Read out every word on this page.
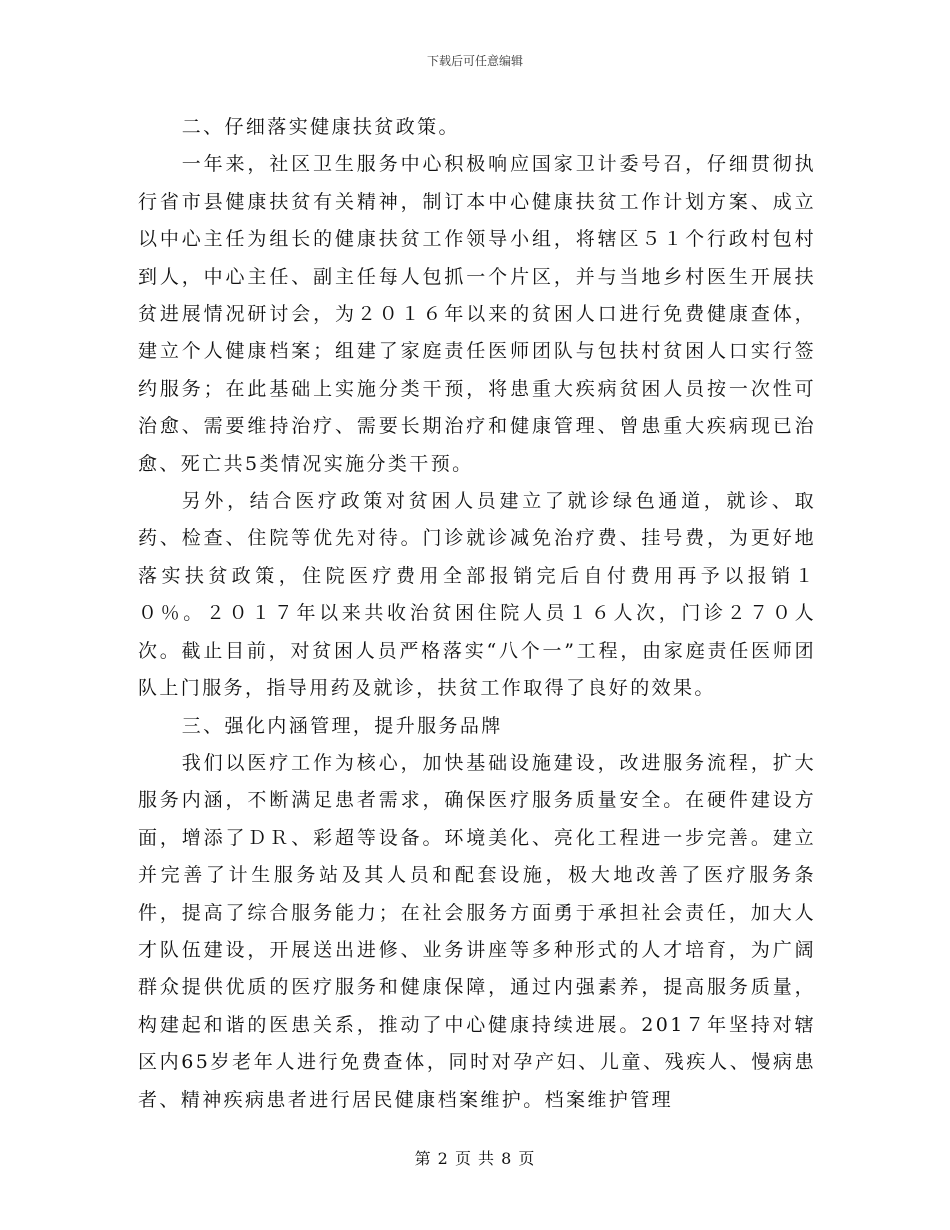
下载后可任意编辑

二、仔细落实健康扶贫政策。

一年来，社区卫生服务中心积极响应国家卫计委号召，仔细贯彻执行省市县健康扶贫有关精神，制订本中心健康扶贫工作计划方案、成立以中心主任为组长的健康扶贫工作领导小组，将辖区５１个行政村包村到人，中心主任、副主任每人包抓一个片区，并与当地乡村医生开展扶贫进展情况研讨会，为２０１６年以来的贫困人口进行免费健康查体，建立个人健康档案；组建了家庭责任医师团队与包扶村贫困人口实行签约服务；在此基础上实施分类干预，将患重大疾病贫困人员按一次性可治愈、需要维持治疗、需要长期治疗和健康管理、曾患重大疾病现已治愈、死亡共5类情况实施分类干预。

另外，结合医疗政策对贫困人员建立了就诊绿色通道，就诊、取药、检查、住院等优先对待。门诊就诊减免治疗费、挂号费，为更好地落实扶贫政策，住院医疗费用全部报销完后自付费用再予以报销１０％。２０１７年以来共收治贫困住院人员１６人次，门诊２７０人次。截止目前，对贫困人员严格落实“八个一”工程，由家庭责任医师团队上门服务，指导用药及就诊，扶贫工作取得了良好的效果。

三、强化内涵管理，提升服务品牌

我们以医疗工作为核心，加快基础设施建设，改进服务流程，扩大服务内涵，不断满足患者需求，确保医疗服务质量安全。在硬件建设方面，增添了ＤＲ、彩超等设备。环境美化、亮化工程进一步完善。建立并完善了计生服务站及其人员和配套设施，极大地改善了医疗服务条件，提高了综合服务能力；在社会服务方面勇于承担社会责任，加大人才队伍建设，开展送出进修、业务讲座等多种形式的人才培育，为广阔群众提供优质的医疗服务和健康保障，通过内强素养，提高服务质量，构建起和谐的医患关系，推动了中心健康持续进展。201７年坚持对辖区内65岁老年人进行免费查体，同时对孕产妇、儿童、残疾人、慢病患者、精神疾病患者进行居民健康档案维护。档案维护管理

第 2 页 共 8 页
